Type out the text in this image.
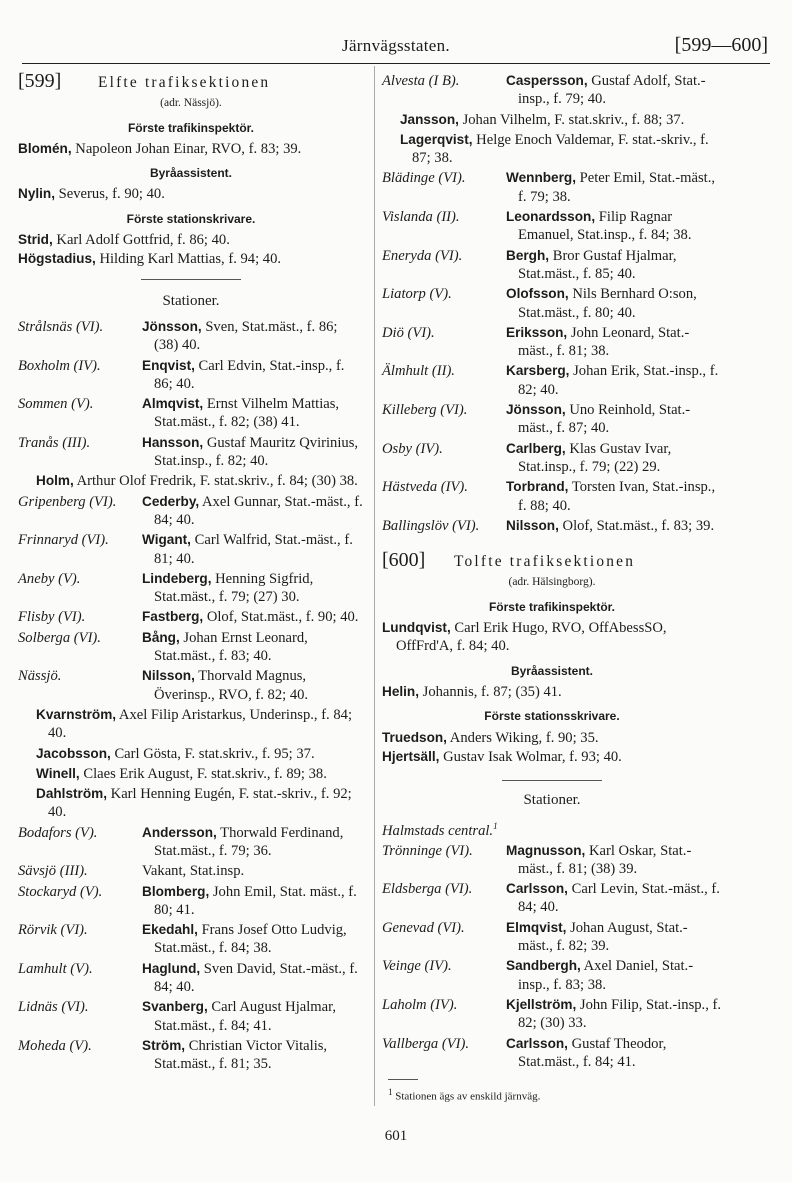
Järnvägsstaten.	[599—600]
[599] Elfte trafiksektionen
(adr. Nässjö).
Förste trafikinspektör.
Blomén, Napoleon Johan Einar, RVO, f. 83; 39.
Byråassistent.
Nylin, Severus, f. 90; 40.
Förste stationskrivare.
Strid, Karl Adolf Gottfrid, f. 86; 40.
Högstadius, Hilding Karl Mattias, f. 94; 40.
Stationer.
Strålsnäs (VI).	Jönsson, Sven, Stat.mäst., f. 86; (38) 40.
Boxholm (IV).	Enqvist, Carl Edvin, Stat.-insp., f. 86; 40.
Sommen (V).	Almqvist, Ernst Vilhelm Mattias, Stat.mäst., f. 82; (38) 41.
Tranås (III).	Hansson, Gustaf Mauritz Qvirinius, Stat.insp., f. 82; 40.
Holm, Arthur Olof Fredrik, F. stat.skriv., f. 84; (30) 38.
Gripenberg (VI).	Cederby, Axel Gunnar, Stat.-mäst., f. 84; 40.
Frinnaryd (VI).	Wigant, Carl Walfrid, Stat.-mäst., f. 81; 40.
Aneby (V).	Lindeberg, Henning Sigfrid, Stat.mäst., f. 79; (27) 30.
Flisby (VI).	Fastberg, Olof, Stat.mäst., f. 90; 40.
Solberga (VI).	Bång, Johan Ernst Leonard, Stat.mäst., f. 83; 40.
Nässjö.	Nilsson, Thorvald Magnus, Överinsp., RVO, f. 82; 40.
Kvarnström, Axel Filip Aristarkus, Underinsp., f. 84; 40.
Jacobsson, Carl Gösta, F. stat.skriv., f. 95; 37.
Winell, Claes Erik August, F. stat.skriv., f. 89; 38.
Dahlström, Karl Henning Eugén, F. stat.-skriv., f. 92; 40.
Bodafors (V).	Andersson, Thorwald Ferdinand, Stat.mäst., f. 79; 36.
Sävsjö (III).	Vakant, Stat.insp.
Stockaryd (V).	Blomberg, John Emil, Stat. mäst., f. 80; 41.
Rörvik (VI).	Ekedahl, Frans Josef Otto Ludvig, Stat.mäst., f. 84; 38.
Lamhult (V).	Haglund, Sven David, Stat.-mäst., f. 84; 40.
Lidnäs (VI).	Svanberg, Carl August Hjalmar, Stat.mäst., f. 84; 41.
Moheda (V).	Ström, Christian Victor Vitalis, Stat.mäst., f. 81; 35.
Alvesta (I B).	Caspersson, Gustaf Adolf, Stat.-insp., f. 79; 40.
Jansson, Johan Vilhelm, F. stat.skriv., f. 88; 37.
Lagerqvist, Helge Enoch Valdemar, F. stat.-skriv., f. 87; 38.
Blädinge (VI).	Wennberg, Peter Emil, Stat.-mäst., f. 79; 38.
Vislanda (II).	Leonardsson, Filip Ragnar Emanuel, Stat.insp., f. 84; 38.
Eneryda (VI).	Bergh, Bror Gustaf Hjalmar, Stat.mäst., f. 85; 40.
Liatorp (V).	Olofsson, Nils Bernhard O:son, Stat.mäst., f. 80; 40.
Diö (VI).	Eriksson, John Leonard, Stat.-mäst., f. 81; 38.
Älmhult (II).	Karsberg, Johan Erik, Stat.-insp., f. 82; 40.
Killeberg (VI).	Jönsson, Uno Reinhold, Stat.-mäst., f. 87; 40.
Osby (IV).	Carlberg, Klas Gustav Ivar, Stat.insp., f. 79; (22) 29.
Hästveda (IV).	Torbrand, Torsten Ivan, Stat.-insp., f. 88; 40.
Ballingslöv (VI).	Nilsson, Olof, Stat.mäst., f. 83; 39.
[600] Tolfte trafiksektionen
(adr. Hälsingborg).
Förste trafikinspektör.
Lundqvist, Carl Erik Hugo, RVO, OffAbessSO, OffFrd'A, f. 84; 40.
Byråassistent.
Helin, Johannis, f. 87; (35) 41.
Förste stationsskrivare.
Truedson, Anders Wiking, f. 90; 35.
Hjertsäll, Gustav Isak Wolmar, f. 93; 40.
Stationer.
Halmstads central.$^1$
Trönninge (VI).	Magnusson, Karl Oskar, Stat.-mäst., f. 81; (38) 39.
Eldsberga (VI).	Carlsson, Carl Levin, Stat.-mäst., f. 84; 40.
Genevad (VI).	Elmqvist, Johan August, Stat.-mäst., f. 82; 39.
Veinge (IV).	Sandbergh, Axel Daniel, Stat.-insp., f. 83; 38.
Laholm (IV).	Kjellström, John Filip, Stat.-insp., f. 82; (30) 33.
Vallberga (VI).	Carlsson, Gustaf Theodor, Stat.mäst., f. 84; 41.
$^1$ Stationen ägs av enskild järnväg.
601
